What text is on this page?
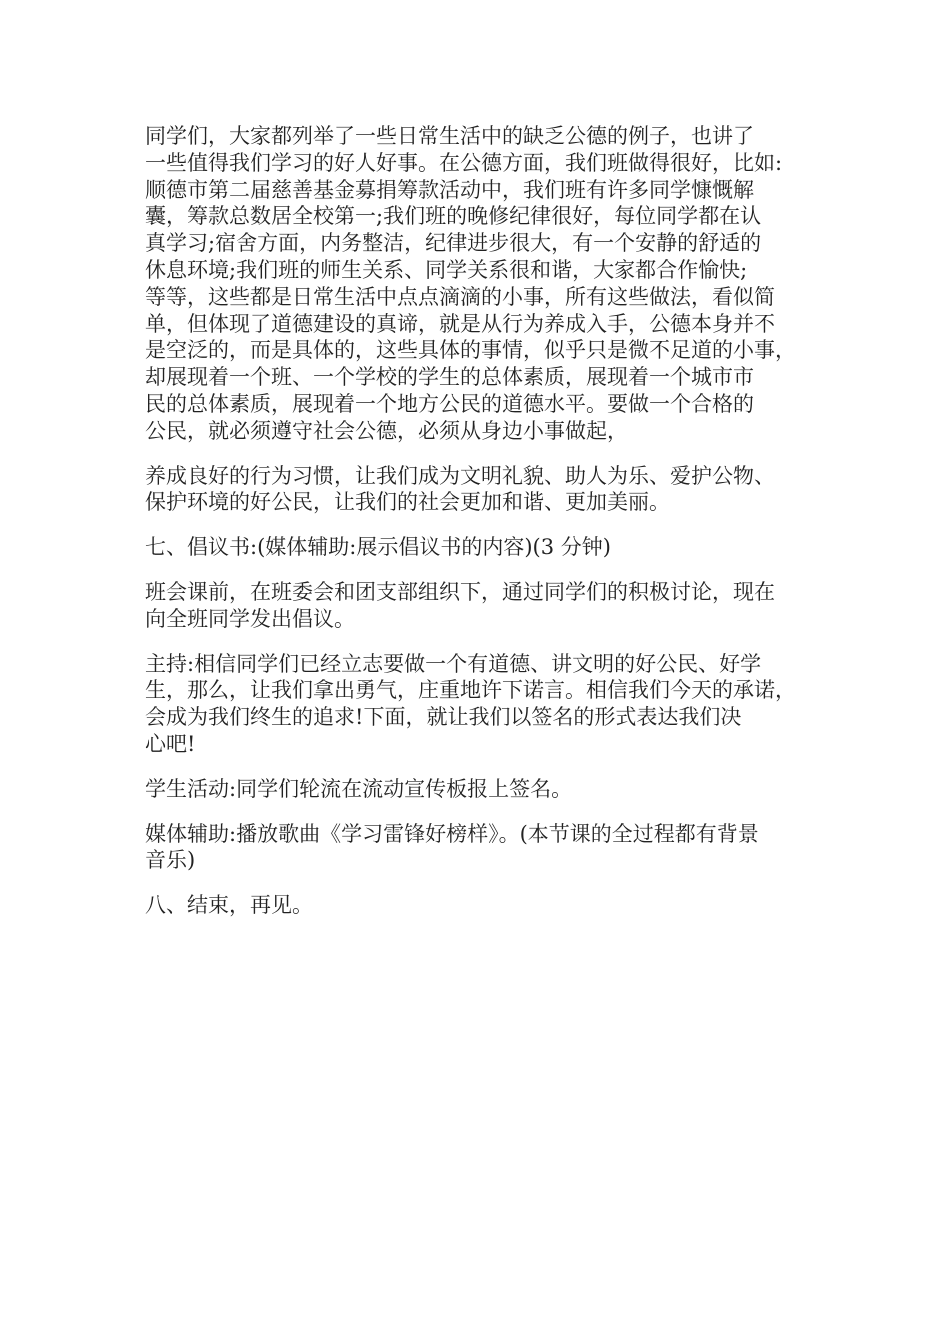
同学们，大家都列举了一些日常生活中的缺乏公德的例子，也讲了
一些值得我们学习的好人好事。在公德方面，我们班做得很好，比如:
顺德市第二届慈善基金募捐筹款活动中，我们班有许多同学慷慨解
囊，筹款总数居全校第一;我们班的晚修纪律很好，每位同学都在认
真学习;宿舍方面，内务整洁，纪律进步很大，有一个安静的舒适的
休息环境;我们班的师生关系、同学关系很和谐，大家都合作愉快;
等等，这些都是日常生活中点点滴滴的小事，所有这些做法，看似简
单，但体现了道德建设的真谛，就是从行为养成入手，公德本身并不
是空泛的，而是具体的，这些具体的事情，似乎只是微不足道的小事，
却展现着一个班、一个学校的学生的总体素质，展现着一个城市市
民的总体素质，展现着一个地方公民的道德水平。要做一个合格的
公民，就必须遵守社会公德，必须从身边小事做起，

养成良好的行为习惯，让我们成为文明礼貌、助人为乐、爱护公物、
保护环境的好公民，让我们的社会更加和谐、更加美丽。

七、倡议书:(媒体辅助:展示倡议书的内容)(3 分钟)

班会课前，在班委会和团支部组织下，通过同学们的积极讨论，现在
向全班同学发出倡议。

主持:相信同学们已经立志要做一个有道德、讲文明的好公民、好学
生，那么，让我们拿出勇气，庄重地许下诺言。相信我们今天的承诺，
会成为我们终生的追求!下面，就让我们以签名的形式表达我们决
心吧!

学生活动:同学们轮流在流动宣传板报上签名。

媒体辅助:播放歌曲《学习雷锋好榜样》。(本节课的全过程都有背景
音乐)

八、结束，再见。
